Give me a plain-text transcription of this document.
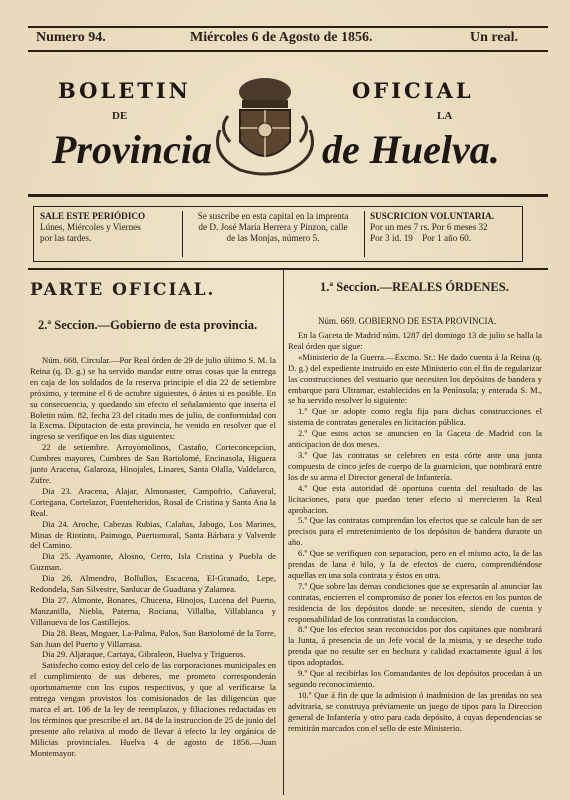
Numero 94.	Miércoles 6 de Agosto de 1856.	Un real.
BOLETIN	OFICIAL
DE	LA
Provincia	de Huelva.
SALE ESTE PERIÓDICO
Lúnes, Miércoles y Viernes
por las tardes.
Se suscribe en esta capital en la imprenta
de D. José María Herrera y Pinzon, calle
de las Monjas, número 5.
SUSCRICION VOLUNTARIA.
Por un mes 7 rs. Por 6 meses 32
Por 3 id. 19    Por 1 año 60.
PARTE OFICIAL.
2.ª Seccion.—Gobierno de esta provincia.

Núm. 668. Circular.—Por Real órden de 29 de julio último S. M. la Reina (q. D. g.) se ha servido mandar entre otras cosas que la entrega en caja de los soldados de la reserva principie el dia 22 de setiembre próximo, y termine el 6 de octubre siguientes, ó ántes si es posible. En su consecuencia, y quedando sin efecto el señalamiento que inserta el Boletin núm. 82, fecha 23 del citado mes de julio, de conformidad con la Excma. Diputacion de esta provincia, he venido en resolver que el ingreso se verifique en los dias siguientes:

22 de setiembre. Arroyomolinos, Castaño, Corteconcepcion, Cumbres mayores, Cumbres de San Bartolomé, Encinasola, Higuera junto Aracena, Galaroza, Hinojales, Linares, Santa Olalla, Valdelarco, Zufre.

Dia 23. Aracena, Alajar, Almonaster, Campofrio, Cañaveral, Cortegana, Cortelazor, Fuenteheridos, Rosal de Cristina y Santa Ana la Real.

Dia 24. Aroche, Cabezas Rubias, Calañas, Jabugo, Los Marines, Minas de Riotinto, Paimogo, Puertomoral, Santa Bárbara y Valverde del Camino.

Dia 25. Ayamonte, Alosno, Cerro, Isla Cristina y Puebla de Guzman.

Dia 26. Almendro, Bollullos, Escacena, El-Granado, Lepe, Redondela, San Silvestre, Sanlucar de Guadiana y Zalamea.

Dia 27. Almonte, Bonares, Chucena, Hinojos, Lucena del Puerto, Manzanilla, Niebla, Paterna, Rociana, Villalba, Villablanca y Villanueva de los Castillejos.

Dia 28. Beas, Moguer, La-Palma, Palos, San Bartolomé de la Torre, San Juan del Puerto y Villarrasa.

Dia 29. Aljaraque, Cartaya, Gibraleon, Huelva y Trigueros.

Satisfecho como estoy del celo de las corporaciones municipales en el cumplimiento de sus deberes, me prometo corresponderán oportunamente con los cupos respectivos, y que al verificarse la entrega vengan provistos los comisionados de las diligencias que marca el art. 106 de la ley de reemplazos, y filiaciones redactadas en los términos que prescribe el art. 84 de la instruccion de 25 de junio del presente año relativa al modo de llevar á efecto la ley orgánica de Milicias provinciales. Huelva 4 de agosto de 1856.—Juan Montemayor.

1.ª Seccion.—REALES ÓRDENES.
Núm. 669. GOBIERNO DE ESTA PROVINCIA.

En la Gaceta de Madrid núm. 1287 del domingo 13 de julio se halla la Real órden que sigue:

«Ministerio de la Guerra.—Excmo. Sr.: He dado cuenta á la Reina (q. D. g.) del expediente instruido en este Ministerio con el fin de regularizar las construcciones del vestuario que necesiten los depósitos de bandera y embarque para Ultramar, establecidos en la Península; y enterada S. M., se ha servido resolver lo siguiente:

1.º Que se adopte como regla fija para dichas construcciones el sistema de contratas generales en licitacion pública.

2.º Que estos actos se anuncien en la Gaceta de Madrid con la anticipacion de dos meses.

3.º Que las contratas se celebren en esta córte ante una junta compuesta de cinco jefes de cuerpo de la guarnicion, que nombrará entre los de su arma el Director general de Infantería.

4.º Que esta autoridad dé oportuna cuenta del resultado de las licitaciones, para que puedan tener efecto si merecieren la Real aprobacion.

5.º Que las contratas comprendan los efectos que se calcule han de ser precisos para el entretenimiento de los depósitos de bandera durante un año.

6.º Que se verifiquen con separacion, pero en el mismo acto, la de las prendas de lana é hilo, y la de efectos de cuero, comprendiéndose aquellas en una sola contrata y éstos en otra.

7.º Que sobre las demas condiciones que se expresarán al anunciar las contratas, encierren el compromiso de poner los efectos en los puntos de residencia de los depósitos donde se necesiten, siendo de cuenta y responsabilidad de los contratistas la conduccion.

8.º Que los efectos sean reconocidos por dos capitanes que nombrará la Junta, á presencia de un Jefe vocal de la misma, y se deseche todo prenda que no resulte ser en hechura y calidad exactamente igual á los tipos adoptados.

9.º Que al recibirlas los Comandantes de los depósitos procedan á un segundo reconocimiento.

10.º Que á fin de que la admision ó inadmision de las prendas no sea advitraria, se construya préviamente un juego de tipos para la Direccion general de Infantería y otro para cada depósito, á cuyas dependencias se remitirán marcados con el sello de este Ministerio.
